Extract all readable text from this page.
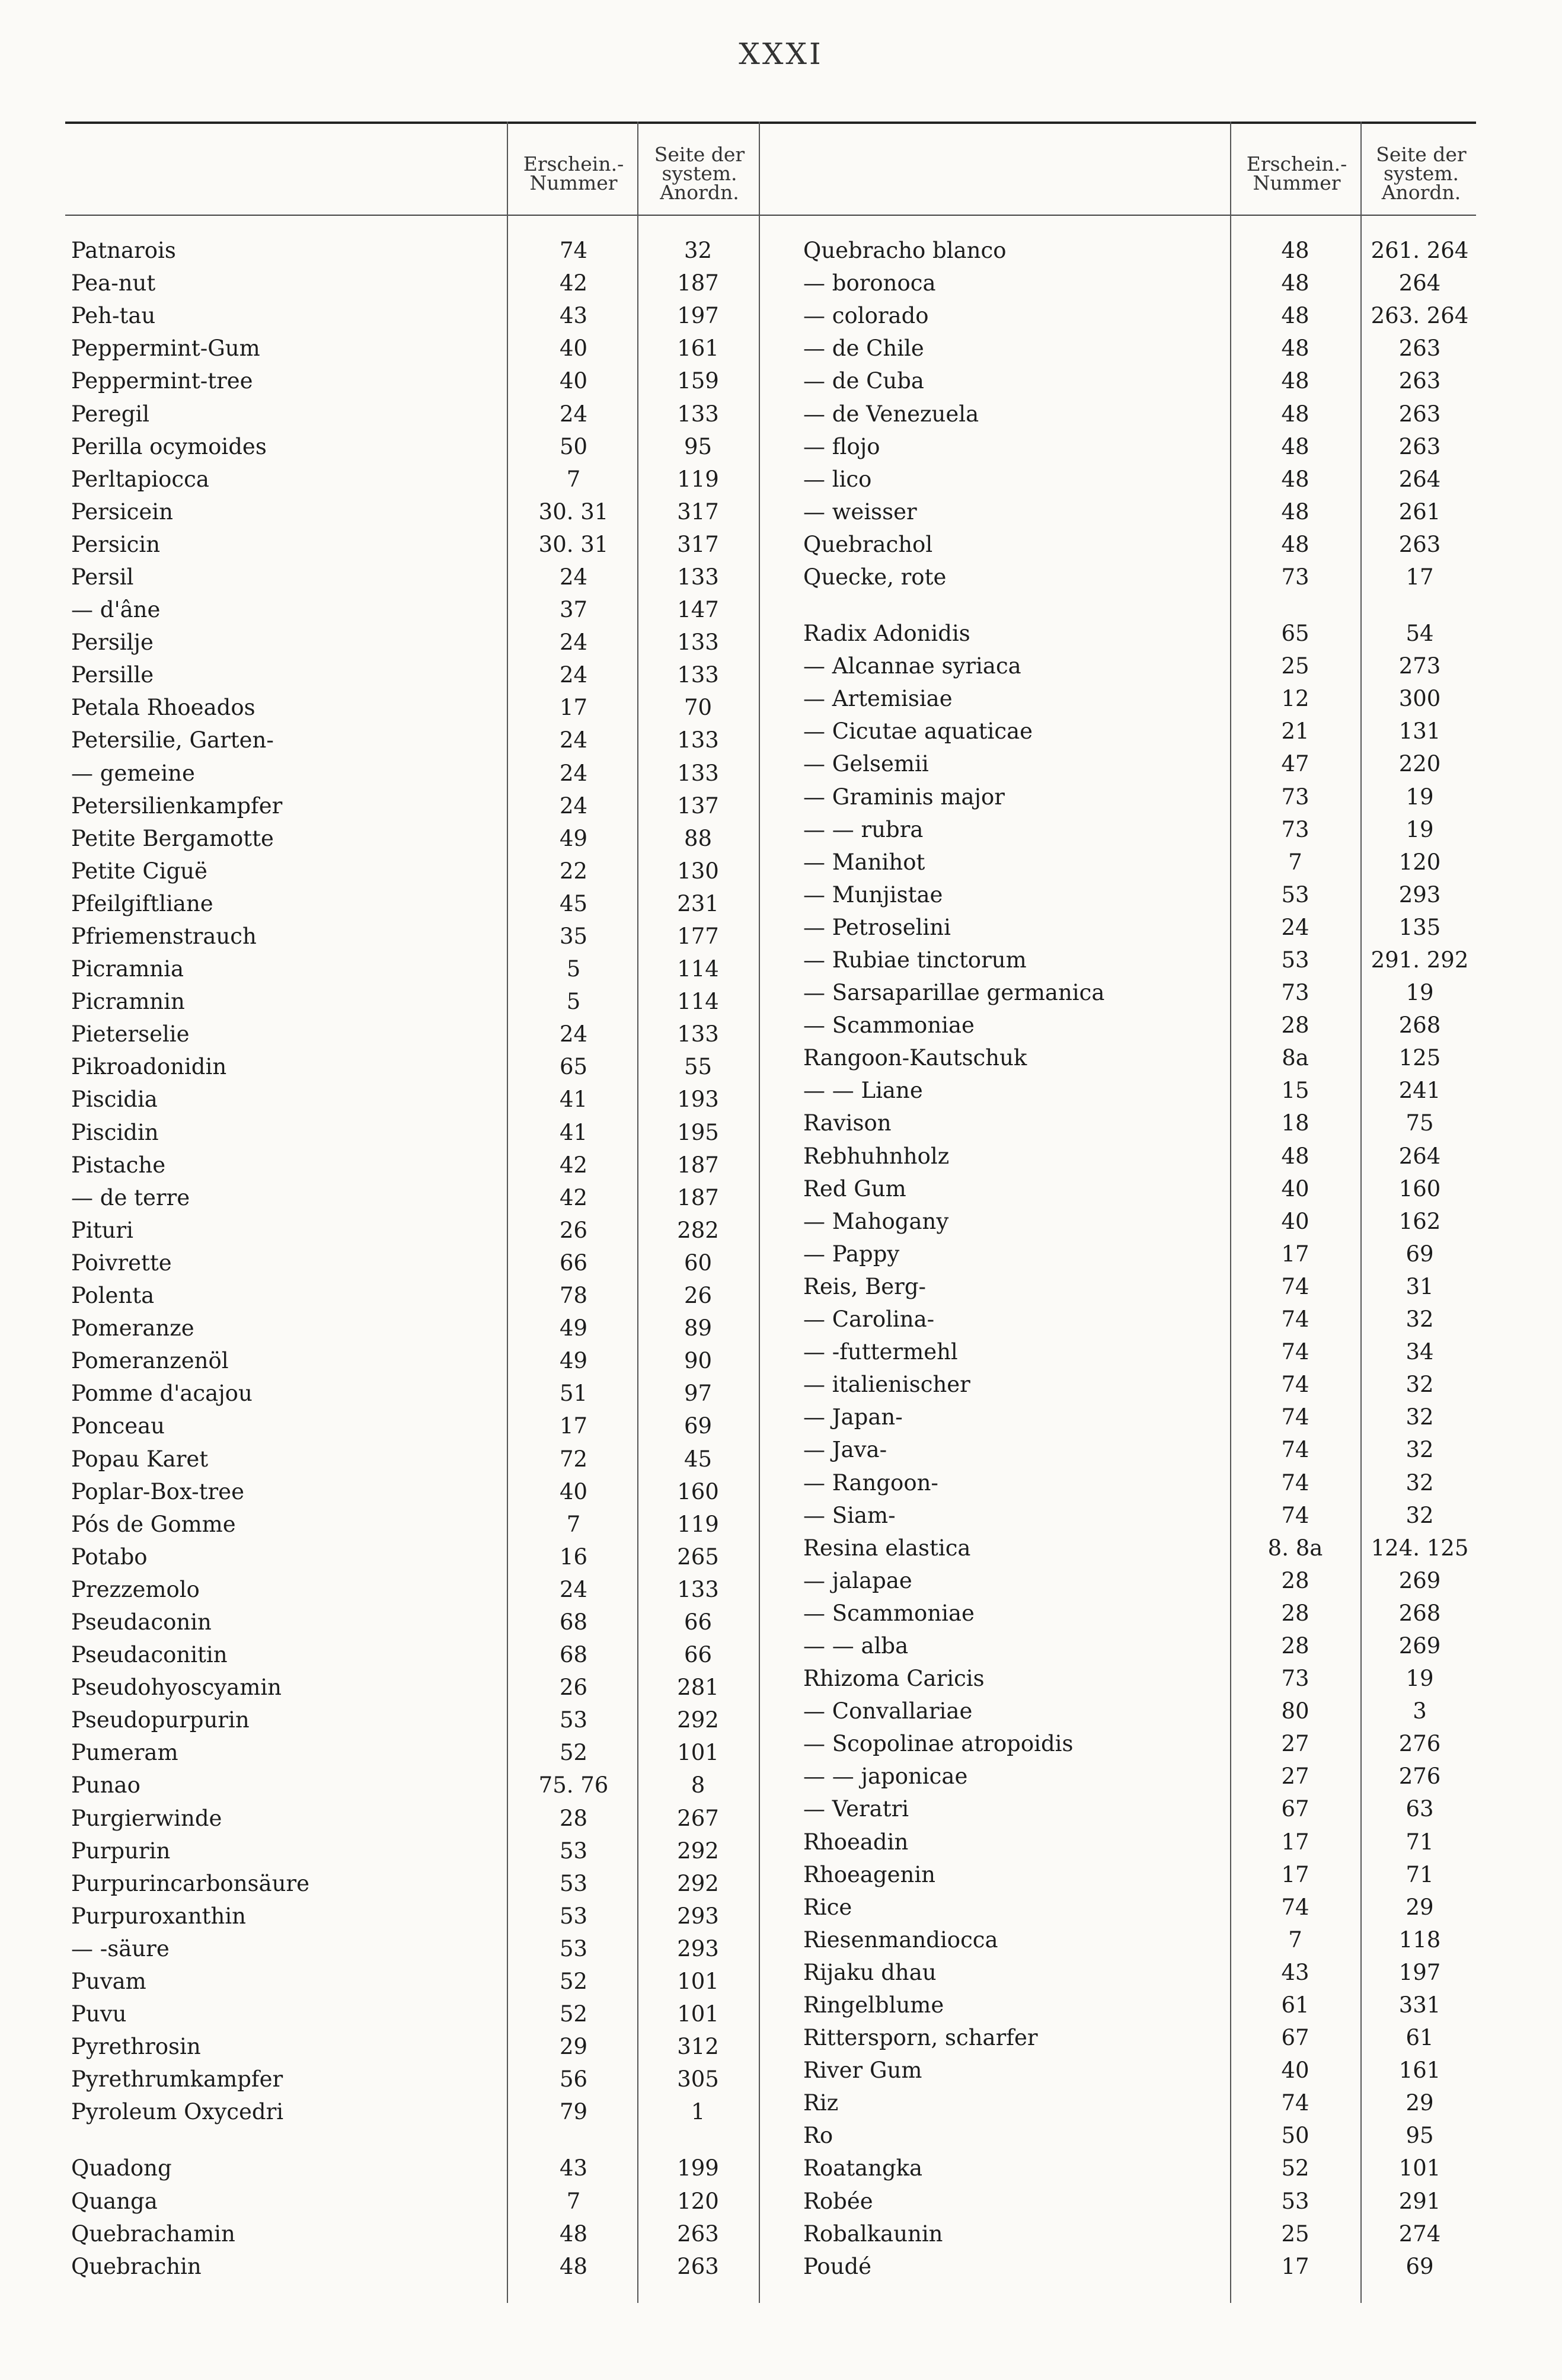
XXXI
Erschein.-
Nummer
Seite der
system.
Anordn.
Erschein.-
Nummer
Seite der
system.
Anordn.
Patnarois	74	32
Pea-nut	42	187
Peh-tau	43	197
Peppermint-Gum	40	161
Peppermint-tree	40	159
Peregil	24	133
Perilla ocymoides	50	95
Perltapiocca	7	119
Persicein	30. 31	317
Persicin	30. 31	317
Persil	24	133
— d'âne	37	147
Persilje	24	133
Persille	24	133
Petala Rhoeados	17	70
Petersilie, Garten-	24	133
— gemeine	24	133
Petersilienkampfer	24	137
Petite Bergamotte	49	88
Petite Ciguë	22	130
Pfeilgiftliane	45	231
Pfriemenstrauch	35	177
Picramnia	5	114
Picramnin	5	114
Pieterselie	24	133
Pikroadonidin	65	55
Piscidia	41	193
Piscidin	41	195
Pistache	42	187
— de terre	42	187
Pituri	26	282
Poivrette	66	60
Polenta	78	26
Pomeranze	49	89
Pomeranzenöl	49	90
Pomme d'acajou	51	97
Ponceau	17	69
Popau Karet	72	45
Poplar-Box-tree	40	160
Pós de Gomme	7	119
Potabo	16	265
Prezzemolo	24	133
Pseudaconin	68	66
Pseudaconitin	68	66
Pseudohyoscyamin	26	281
Pseudopurpurin	53	292
Pumeram	52	101
Punao	75. 76	8
Purgierwinde	28	267
Purpurin	53	292
Purpurincarbonsäure	53	292
Purpuroxanthin	53	293
— -säure	53	293
Puvam	52	101
Puvu	52	101
Pyrethrosin	29	312
Pyrethrumkampfer	56	305
Pyroleum Oxycedri	79	1
Quadong	43	199
Quanga	7	120
Quebrachamin	48	263
Quebrachin	48	263
Quebracho blanco	48	261. 264
— boronoca	48	264
— colorado	48	263. 264
— de Chile	48	263
— de Cuba	48	263
— de Venezuela	48	263
— flojo	48	263
— lico	48	264
— weisser	48	261
Quebrachol	48	263
Quecke, rote	73	17
Radix Adonidis	65	54
— Alcannae syriaca	25	273
— Artemisiae	12	300
— Cicutae aquaticae	21	131
— Gelsemii	47	220
— Graminis major	73	19
— — rubra	73	19
— Manihot	7	120
— Munjistae	53	293
— Petroselini	24	135
— Rubiae tinctorum	53	291. 292
— Sarsaparillae germanica	73	19
— Scammoniae	28	268
Rangoon-Kautschuk	8a	125
— — Liane	15	241
Ravison	18	75
Rebhuhnholz	48	264
Red Gum	40	160
— Mahogany	40	162
— Pappy	17	69
Reis, Berg-	74	31
— Carolina-	74	32
— -futtermehl	74	34
— italienischer	74	32
— Japan-	74	32
— Java-	74	32
— Rangoon-	74	32
— Siam-	74	32
Resina elastica	8. 8a	124. 125
— jalapae	28	269
— Scammoniae	28	268
— — alba	28	269
Rhizoma Caricis	73	19
— Convallariae	80	3
— Scopolinae atropoidis	27	276
— — japonicae	27	276
— Veratri	67	63
Rhoeadin	17	71
Rhoeagenin	17	71
Rice	74	29
Riesenmandiocca	7	118
Rijaku dhau	43	197
Ringelblume	61	331
Rittersporn, scharfer	67	61
River Gum	40	161
Riz	74	29
Ro	50	95
Roatangka	52	101
Robée	53	291
Robalkaunin	25	274
Poudé	17	69
